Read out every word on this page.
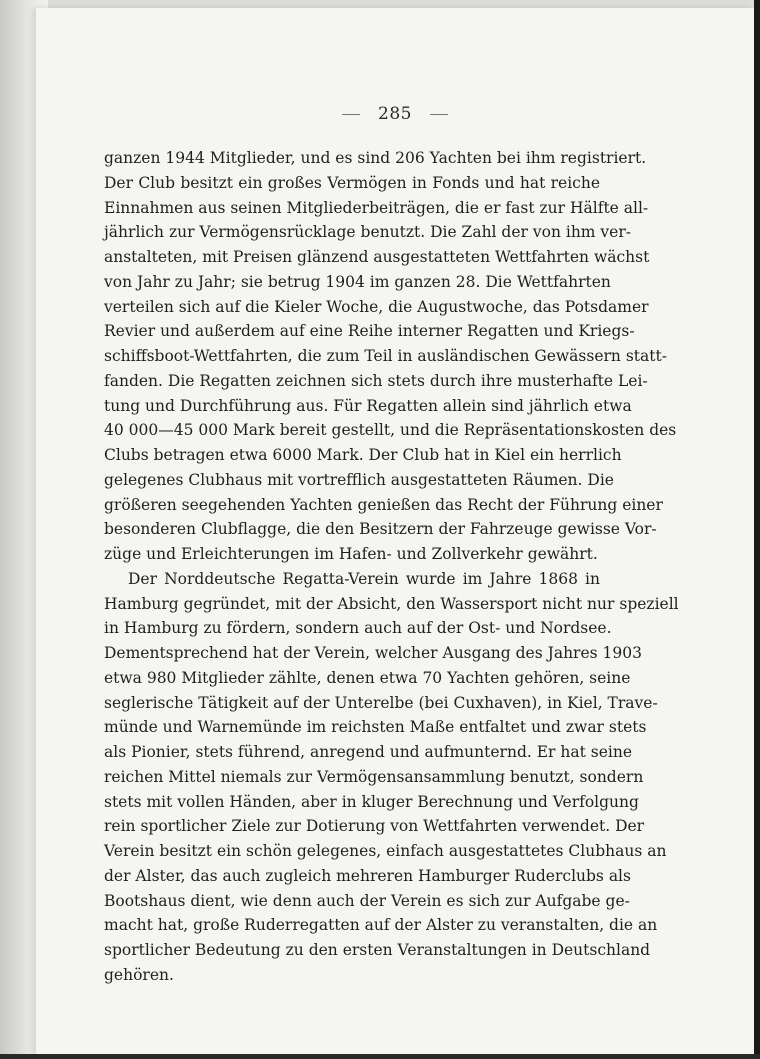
285

ganzen 1944 Mitglieder, und es sind 206 Yachten bei ihm registriert.
Der Club besitzt ein großes Vermögen in Fonds und hat reiche
Einnahmen aus seinen Mitgliederbeiträgen, die er fast zur Hälfte all-
jährlich zur Vermögensrücklage benutzt. Die Zahl der von ihm ver-
anstalteten, mit Preisen glänzend ausgestatteten Wettfahrten wächst
von Jahr zu Jahr; sie betrug 1904 im ganzen 28. Die Wettfahrten
verteilen sich auf die Kieler Woche, die Augustwoche, das Potsdamer
Revier und außerdem auf eine Reihe interner Regatten und Kriegs-
schiffsboot-Wettfahrten, die zum Teil in ausländischen Gewässern statt-
fanden. Die Regatten zeichnen sich stets durch ihre musterhafte Lei-
tung und Durchführung aus. Für Regatten allein sind jährlich etwa
40 000—45 000 Mark bereit gestellt, und die Repräsentationskosten des
Clubs betragen etwa 6000 Mark. Der Club hat in Kiel ein herrlich
gelegenes Clubhaus mit vortrefflich ausgestatteten Räumen. Die
größeren seegehenden Yachten genießen das Recht der Führung einer
besonderen Clubflagge, die den Besitzern der Fahrzeuge gewisse Vor-
züge und Erleichterungen im Hafen- und Zollverkehr gewährt.

Der Norddeutsche Regatta-Verein wurde im Jahre 1868 in
Hamburg gegründet, mit der Absicht, den Wassersport nicht nur speziell
in Hamburg zu fördern, sondern auch auf der Ost- und Nordsee.
Dementsprechend hat der Verein, welcher Ausgang des Jahres 1903
etwa 980 Mitglieder zählte, denen etwa 70 Yachten gehören, seine
seglerische Tätigkeit auf der Unterelbe (bei Cuxhaven), in Kiel, Trave-
münde und Warnemünde im reichsten Maße entfaltet und zwar stets
als Pionier, stets führend, anregend und aufmunternd. Er hat seine
reichen Mittel niemals zur Vermögensansammlung benutzt, sondern
stets mit vollen Händen, aber in kluger Berechnung und Verfolgung
rein sportlicher Ziele zur Dotierung von Wettfahrten verwendet. Der
Verein besitzt ein schön gelegenes, einfach ausgestattetes Clubhaus an
der Alster, das auch zugleich mehreren Hamburger Ruderclubs als
Bootshaus dient, wie denn auch der Verein es sich zur Aufgabe ge-
macht hat, große Ruderregatten auf der Alster zu veranstalten, die an
sportlicher Bedeutung zu den ersten Veranstaltungen in Deutschland
gehören.
